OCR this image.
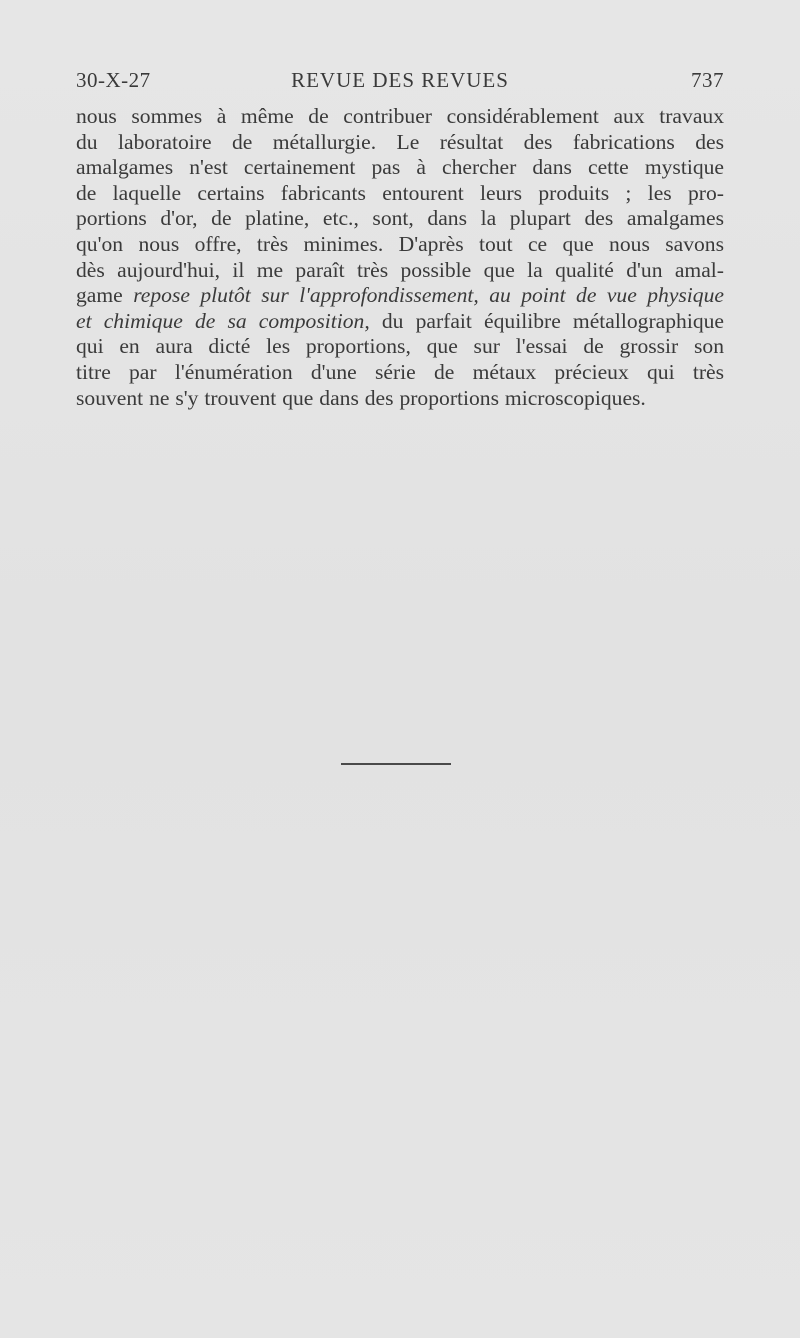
30-X-27	REVUE DES REVUES	737
nous sommes à même de contribuer considérablement aux travaux
du laboratoire de métallurgie. Le résultat des fabrications des
amalgames n'est certainement pas à chercher dans cette mystique
de laquelle certains fabricants entourent leurs produits ; les pro-
portions d'or, de platine, etc., sont, dans la plupart des amalgames
qu'on nous offre, très minimes. D'après tout ce que nous savons
dès aujourd'hui, il me paraît très possible que la qualité d'un amal-
game repose plutôt sur l'approfondissement, au point de vue physique
et chimique de sa composition, du parfait équilibre métallographique
qui en aura dicté les proportions, que sur l'essai de grossir son
titre par l'énumération d'une série de métaux précieux qui très
souvent ne s'y trouvent que dans des proportions microscopiques.
